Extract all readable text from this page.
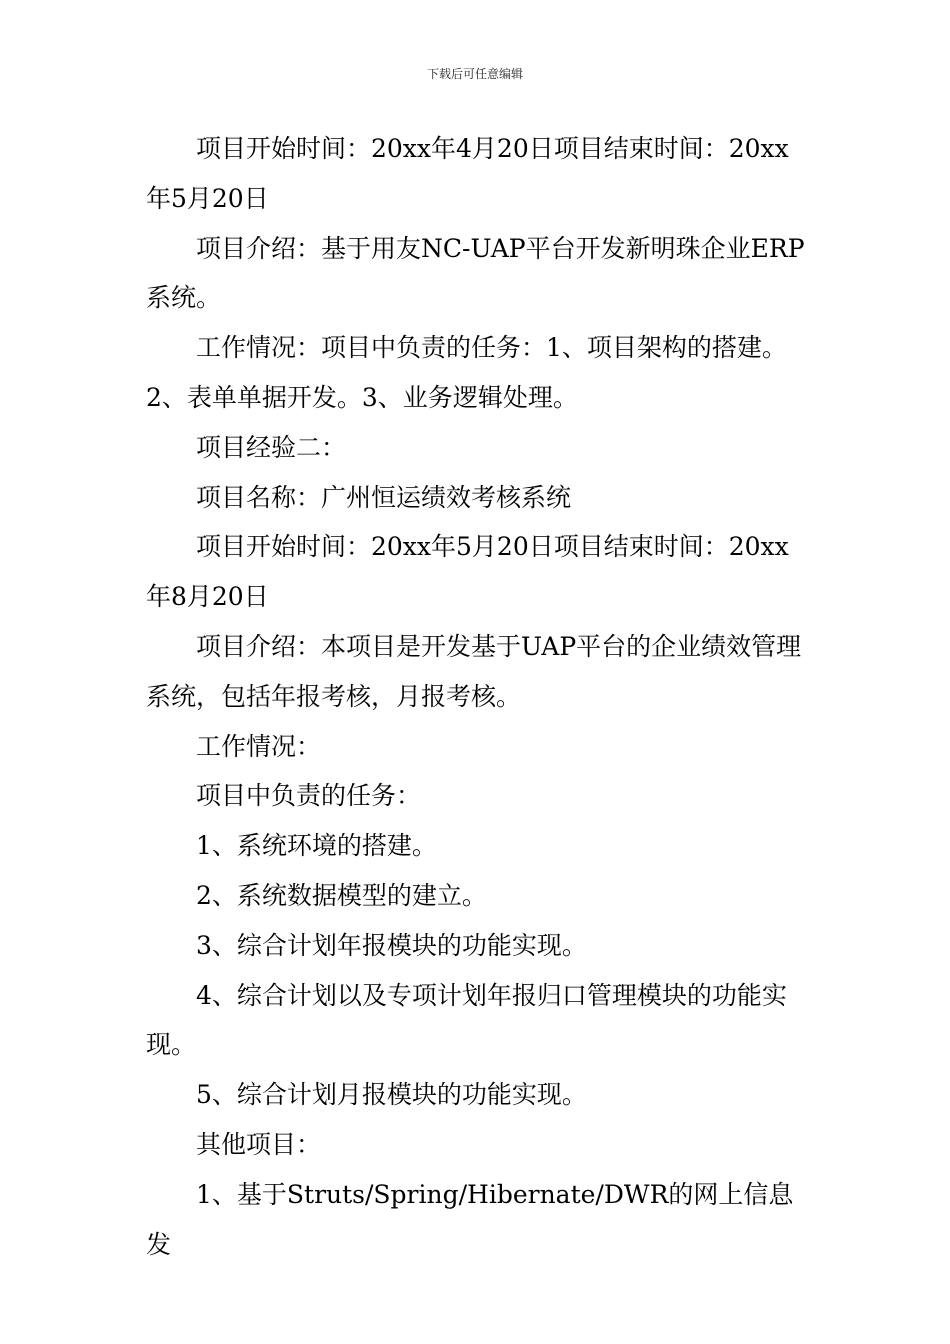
下载后可任意编辑

项目开始时间：20xx年4月20日项目结束时间：20xx年5月20日

项目介绍：基于用友NC-UAP平台开发新明珠企业ERP系统。

工作情况：项目中负责的任务：1、项目架构的搭建。2、表单单据开发。3、业务逻辑处理。

项目经验二：

项目名称：广州恒运绩效考核系统

项目开始时间：20xx年5月20日项目结束时间：20xx年8月20日

项目介绍：本项目是开发基于UAP平台的企业绩效管理系统，包括年报考核，月报考核。

工作情况：

项目中负责的任务：

1、系统环境的搭建。

2、系统数据模型的建立。

3、综合计划年报模块的功能实现。

4、综合计划以及专项计划年报归口管理模块的功能实现。

5、综合计划月报模块的功能实现。

其他项目：

1、基于Struts/Spring/Hibernate/DWR的网上信息发
